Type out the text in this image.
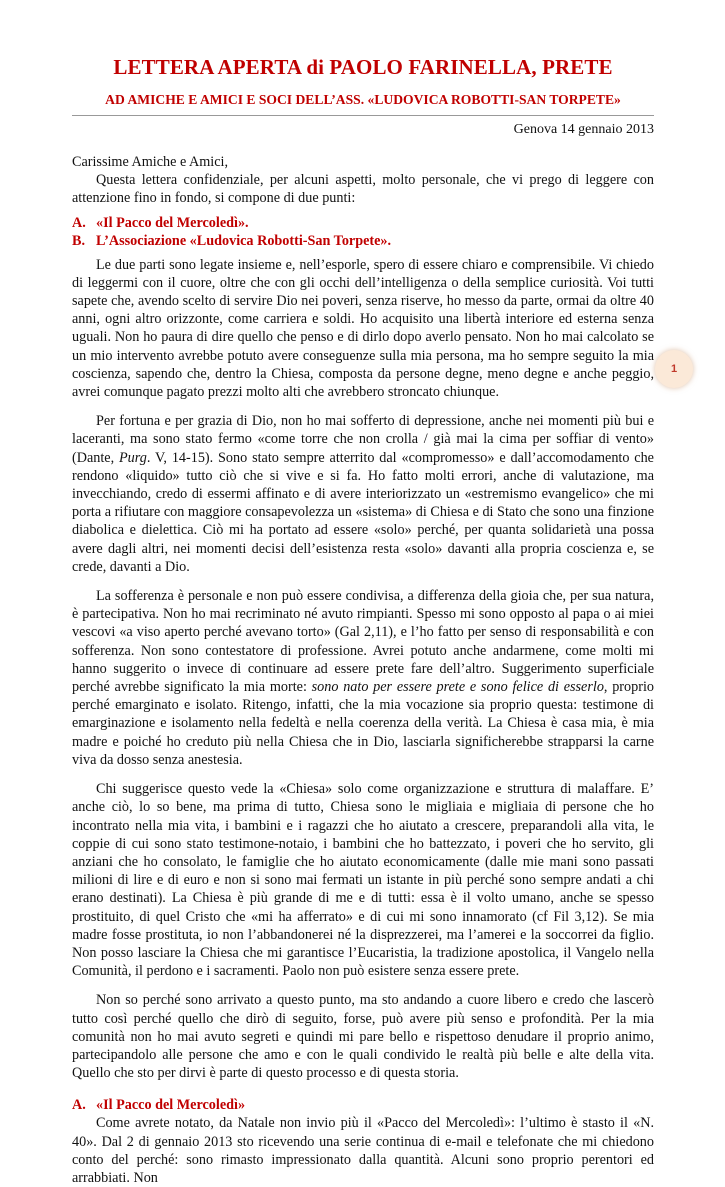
LETTERA APERTA di PAOLO FARINELLA, PRETE
AD AMICHE E AMICI E SOCI DELL’ASS. «LUDOVICA ROBOTTI-SAN TORPETE»
Genova 14 gennaio 2013

Carissime Amiche e Amici,

Questa lettera confidenziale, per alcuni aspetti, molto personale, che vi prego di leggere con attenzione fino in fondo, si compone di due punti:

A. «Il Pacco del Mercoledì».
B. L’Associazione «Ludovica Robotti-San Torpete».

Le due parti sono legate insieme e, nell’esporle, spero di essere chiaro e comprensibile. Vi chiedo di leggermi con il cuore, oltre che con gli occhi dell’intelligenza o della semplice curiosità. Voi tutti sapete che, avendo scelto di servire Dio nei poveri, senza riserve, ho messo da parte, ormai da oltre 40 anni, ogni altro orizzonte, come carriera e soldi. Ho acquisito una libertà interiore ed esterna senza uguali. Non ho paura di dire quello che penso e di dirlo dopo averlo pensato. Non ho mai calcolato se un mio intervento avrebbe potuto avere conseguenze sulla mia persona, ma ho sempre seguito la mia coscienza, sapendo che, dentro la Chiesa, composta da persone degne, meno degne e anche peggio, avrei comunque pagato prezzi molto alti che avrebbero stroncato chiunque.

Per fortuna e per grazia di Dio, non ho mai sofferto di depressione, anche nei momenti più bui e laceranti, ma sono stato fermo «come torre che non crolla / già mai la cima per soffiar di vento» (Dante, Purg. V, 14-15). Sono stato sempre atterrito dal «compromesso» e dall’accomodamento che rendono «liquido» tutto ciò che si vive e si fa. Ho fatto molti errori, anche di valutazione, ma invecchiando, credo di essermi affinato e di avere interiorizzato un «estremismo evangelico» che mi porta a rifiutare con maggiore consapevolezza un «sistema» di Chiesa e di Stato che sono una finzione diabolica e dielettica. Ciò mi ha portato ad essere «solo» perché, per quanta solidarietà una possa avere dagli altri, nei momenti decisi dell’esistenza resta «solo» davanti alla propria coscienza e, se crede, davanti a Dio.

La sofferenza è personale e non può essere condivisa, a differenza della gioia che, per sua natura, è partecipativa. Non ho mai recriminato né avuto rimpianti. Spesso mi sono opposto al papa o ai miei vescovi «a viso aperto perché avevano torto» (Gal 2,11), e l’ho fatto per senso di responsabilità e con sofferenza. Non sono contestatore di professione. Avrei potuto anche andarmene, come molti mi hanno suggerito o invece di continuare ad essere prete fare dell’altro. Suggerimento superficiale perché avrebbe significato la mia morte: sono nato per essere prete e sono felice di esserlo, proprio perché emarginato e isolato. Ritengo, infatti, che la mia vocazione sia proprio questa: testimone di emarginazione e isolamento nella fedeltà e nella coerenza della verità. La Chiesa è casa mia, è mia madre e poiché ho creduto più nella Chiesa che in Dio, lasciarla significherebbe strapparsi la carne viva da dosso senza anestesia.

Chi suggerisce questo vede la «Chiesa» solo come organizzazione e struttura di malaffare. E’ anche ciò, lo so bene, ma prima di tutto, Chiesa sono le migliaia e migliaia di persone che ho incontrato nella mia vita, i bambini e i ragazzi che ho aiutato a crescere, preparandoli alla vita, le coppie di cui sono stato testimone-notaio, i bambini che ho battezzato, i poveri che ho servito, gli anziani che ho consolato, le famiglie che ho aiutato economicamente (dalle mie mani sono passati milioni di lire e di euro e non si sono mai fermati un istante in più perché sono sempre andati a chi erano destinati). La Chiesa è più grande di me e di tutti: essa è il volto umano, anche se spesso prostituito, di quel Cristo che «mi ha afferrato» e di cui mi sono innamorato (cf Fil 3,12). Se mia madre fosse prostituta, io non l’abbandonerei né la disprezzerei, ma l’amerei e la soccorrei da figlio. Non posso lasciare la Chiesa che mi garantisce l’Eucaristia, la tradizione apostolica, il Vangelo nella Comunità, il perdono e i sacramenti. Paolo non può esistere senza essere prete.

Non so perché sono arrivato a questo punto, ma sto andando a cuore libero e credo che lascerò tutto così perché quello che dirò di seguito, forse, può avere più senso e profondità. Per la mia comunità non ho mai avuto segreti e quindi mi pare bello e rispettoso denudare il proprio animo, partecipandolo alle persone che amo e con le quali condivido le realtà più belle e alte della vita. Quello che sto per dirvi è parte di questo processo e di questa storia.

A. «Il Pacco del Mercoledì»

Come avrete notato, da Natale non invio più il «Pacco del Mercoledì»: l’ultimo è stasto il «N. 40». Dal 2 di gennaio 2013 sto ricevendo una serie continua di e-mail e telefonate che mi chiedono conto del perché: sono rimasto impressionato dalla quantità. Alcuni sono proprio perentori ed arrabbiati. Non

1
